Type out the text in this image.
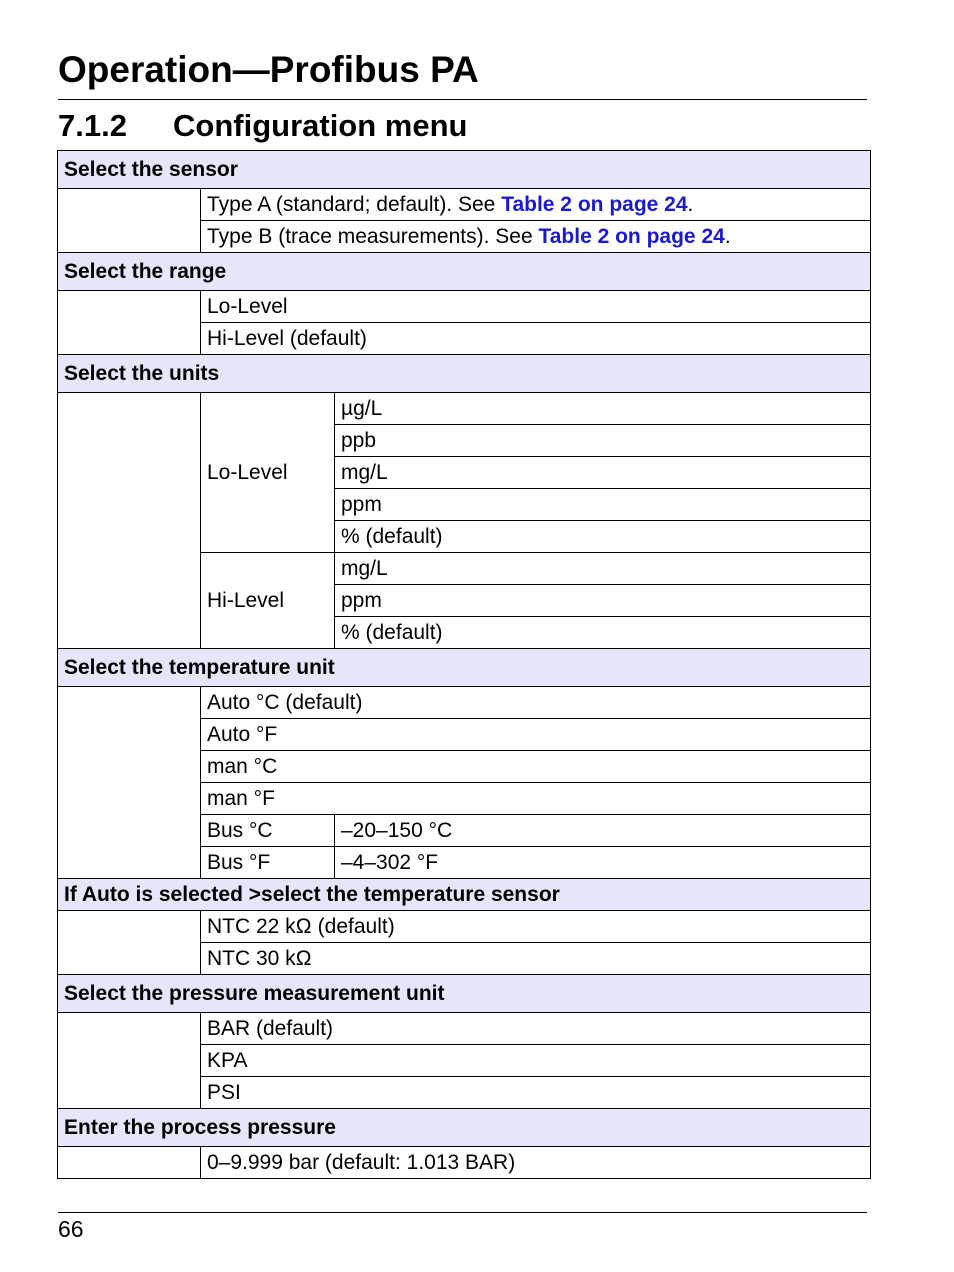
Operation—Profibus PA
7.1.2 Configuration menu
Select the sensor		
	Type A (standard; default). See Table 2 on page 24.	
	Type B (trace measurements). See Table 2 on page 24.	
Select the range		
	Lo-Level	
	Hi-Level (default)	
Select the units		
	Lo-Level	µg/L
		ppb
		mg/L
		ppm
		% (default)
	Hi-Level	mg/L
		ppm
		% (default)
Select the temperature unit		
	Auto °C (default)	
	Auto °F	
	man °C	
	man °F	
	Bus °C	–20–150 °C
	Bus °F	–4–302 °F
If Auto is selected >select the temperature sensor		
	NTC 22 kΩ (default)	
	NTC 30 kΩ	
Select the pressure measurement unit		
	BAR (default)	
	KPA	
	PSI	
Enter the process pressure		
	0–9.999 bar (default: 1.013 BAR)	
66
